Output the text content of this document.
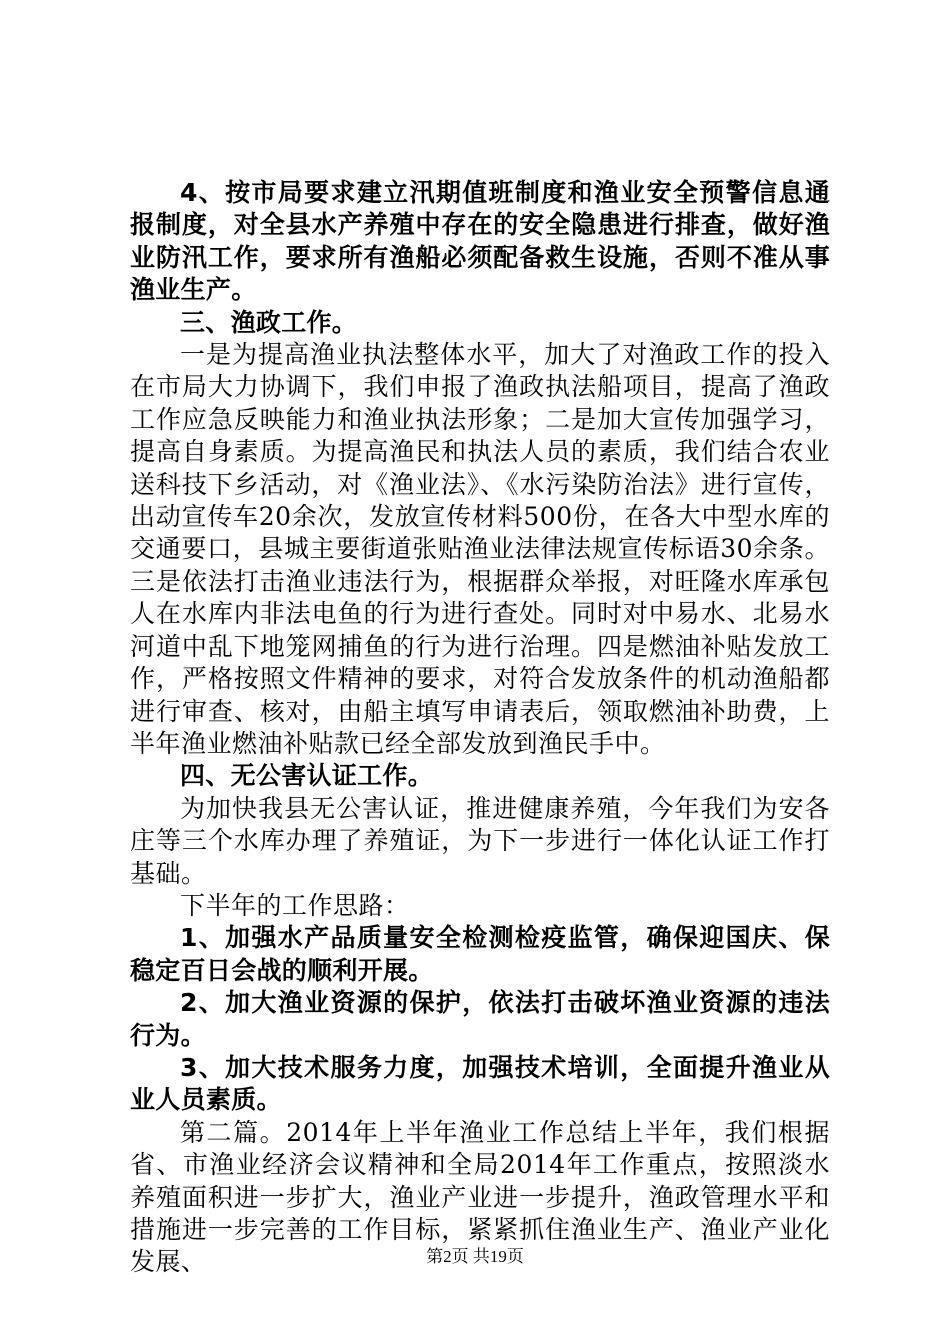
4、按市局要求建立汛期值班制度和渔业安全预警信息通报制度，对全县水产养殖中存在的安全隐患进行排查，做好渔业防汛工作，要求所有渔船必须配备救生设施，否则不准从事渔业生产。

三、渔政工作。

一是为提高渔业执法整体水平，加大了对渔政工作的投入在市局大力协调下，我们申报了渔政执法船项目，提高了渔政工作应急反映能力和渔业执法形象；二是加大宣传加强学习，提高自身素质。为提高渔民和执法人员的素质，我们结合农业送科技下乡活动，对《渔业法》、《水污染防治法》进行宣传，出动宣传车20余次，发放宣传材料500份，在各大中型水库的交通要口，县城主要街道张贴渔业法律法规宣传标语30余条。三是依法打击渔业违法行为，根据群众举报，对旺隆水库承包人在水库内非法电鱼的行为进行查处。同时对中易水、北易水河道中乱下地笼网捕鱼的行为进行治理。四是燃油补贴发放工作，严格按照文件精神的要求，对符合发放条件的机动渔船都进行审查、核对，由船主填写申请表后，领取燃油补助费，上半年渔业燃油补贴款已经全部发放到渔民手中。

四、无公害认证工作。

为加快我县无公害认证，推进健康养殖，今年我们为安各庄等三个水库办理了养殖证，为下一步进行一体化认证工作打基础。

下半年的工作思路：

1、加强水产品质量安全检测检疫监管，确保迎国庆、保稳定百日会战的顺利开展。

2、加大渔业资源的保护，依法打击破坏渔业资源的违法行为。

3、加大技术服务力度，加强技术培训，全面提升渔业从业人员素质。

第二篇。2014年上半年渔业工作总结上半年，我们根据省、市渔业经济会议精神和全局2014年工作重点，按照淡水养殖面积进一步扩大，渔业产业进一步提升，渔政管理水平和措施进一步完善的工作目标，紧紧抓住渔业生产、渔业产业化发展、	第2页 共19页
